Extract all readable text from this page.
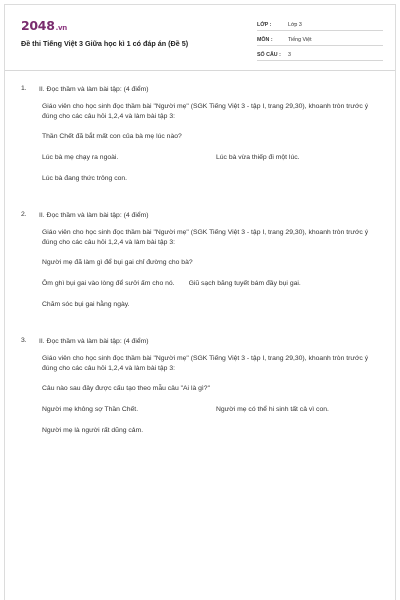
2048.vn
Đề thi Tiếng Việt 3 Giữa học kì 1 có đáp án (Đề 5)
LỚP :	Lớp 3
MÔN :	Tiếng Việt
SỐ CÂU :	3
1. II. Đọc thầm và làm bài tập: (4 điểm)
Giáo viên cho học sinh đọc thầm bài "Người mẹ" (SGK Tiếng Việt 3 - tập I, trang 29,30), khoanh tròn trước ý đúng cho các câu hỏi 1,2,4 và làm bài tập 3:
Thần Chết đã bắt mất con của bà mẹ lúc nào?
Lúc bà mẹ chạy ra ngoài.	Lúc bà vừa thiếp đi một lúc.
Lúc bà đang thức trông con.
2. II. Đọc thầm và làm bài tập: (4 điểm)
Giáo viên cho học sinh đọc thầm bài "Người mẹ" (SGK Tiếng Việt 3 - tập I, trang 29,30), khoanh tròn trước ý đúng cho các câu hỏi 1,2,4 và làm bài tập 3:
Người mẹ đã làm gì để bụi gai chỉ đường cho bà?
Ôm ghì bụi gai vào lòng để sưởi ấm cho nó. Giũ sạch băng tuyết bám đầy bụi gai.
Chăm sóc bụi gai hằng ngày.
3. II. Đọc thầm và làm bài tập: (4 điểm)
Giáo viên cho học sinh đọc thầm bài "Người mẹ" (SGK Tiếng Việt 3 - tập I, trang 29,30), khoanh tròn trước ý đúng cho các câu hỏi 1,2,4 và làm bài tập 3:
Câu nào sau đây được cấu tạo theo mẫu câu "Ai là gì?"
Người mẹ không sợ Thần Chết.	Người mẹ có thể hi sinh tất cả vì con.
Người mẹ là người rất dũng cảm.
